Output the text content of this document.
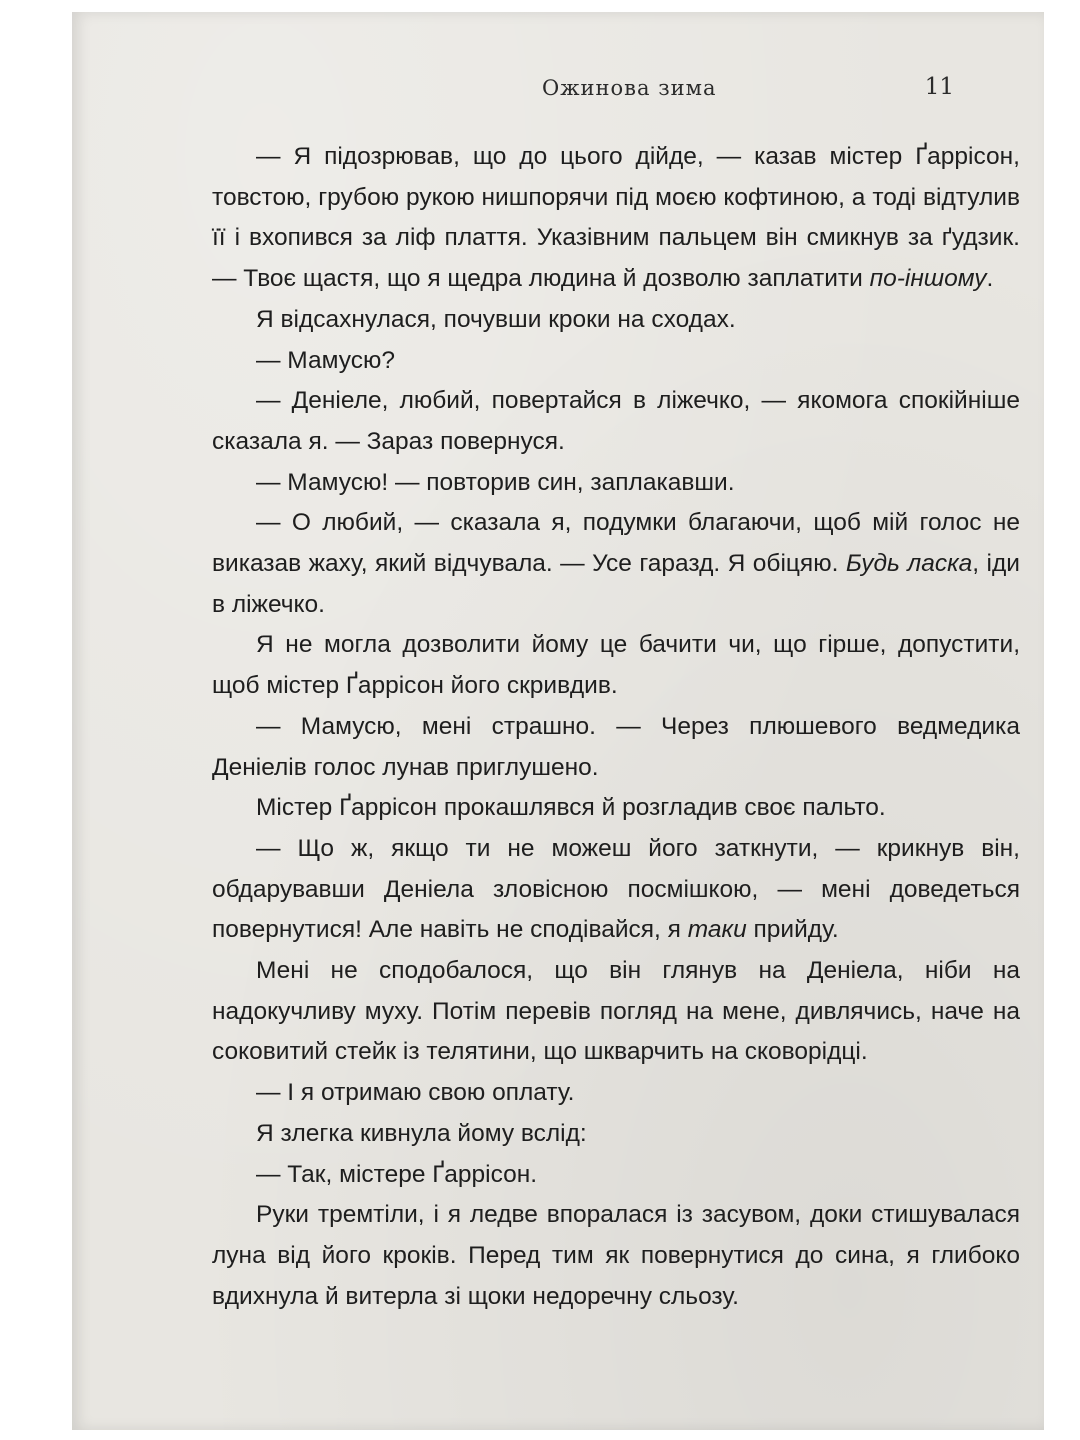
Ожинова зима	11

— Я підозрював, що до цього дійде, — казав містер Ґаррісон, товстою, грубою рукою нишпорячи під моєю кофтиною, а тоді відтулив її і вхопився за ліф плаття. Указівним пальцем він смикнув за ґудзик. — Твоє щастя, що я щедра людина й дозволю заплатити по-іншому.

Я відсахнулася, почувши кроки на сходах.

— Мамусю?

— Деніеле, любий, повертайся в ліжечко, — якомога спокійніше сказала я. — Зараз повернуся.

— Мамусю! — повторив син, заплакавши.

— О любий, — сказала я, подумки благаючи, щоб мій голос не виказав жаху, який відчувала. — Усе гаразд. Я обіцяю. Будь ласка, іди в ліжечко.

Я не могла дозволити йому це бачити чи, що гірше, допустити, щоб містер Ґаррісон його скривдив.

— Мамусю, мені страшно. — Через плюшевого ведмедика Деніелів голос лунав приглушено.

Містер Ґаррісон прокашлявся й розгладив своє пальто.

— Що ж, якщо ти не можеш його заткнути, — крикнув він, обдарувавши Деніела зловісною посмішкою, — мені доведеться повернутися! Але навіть не сподівайся, я таки прийду.

Мені не сподобалося, що він глянув на Деніела, ніби на надокучливу муху. Потім перевів погляд на мене, дивлячись, наче на соковитий стейк із телятини, що шкварчить на сковорідці.

— І я отримаю свою оплату.

Я злегка кивнула йому вслід:

— Так, містере Ґаррісон.

Руки тремтіли, і я ледве впоралася із засувом, доки стишувалася луна від його кроків. Перед тим як повернутися до сина, я глибоко вдихнула й витерла зі щоки недоречну сльозу.
